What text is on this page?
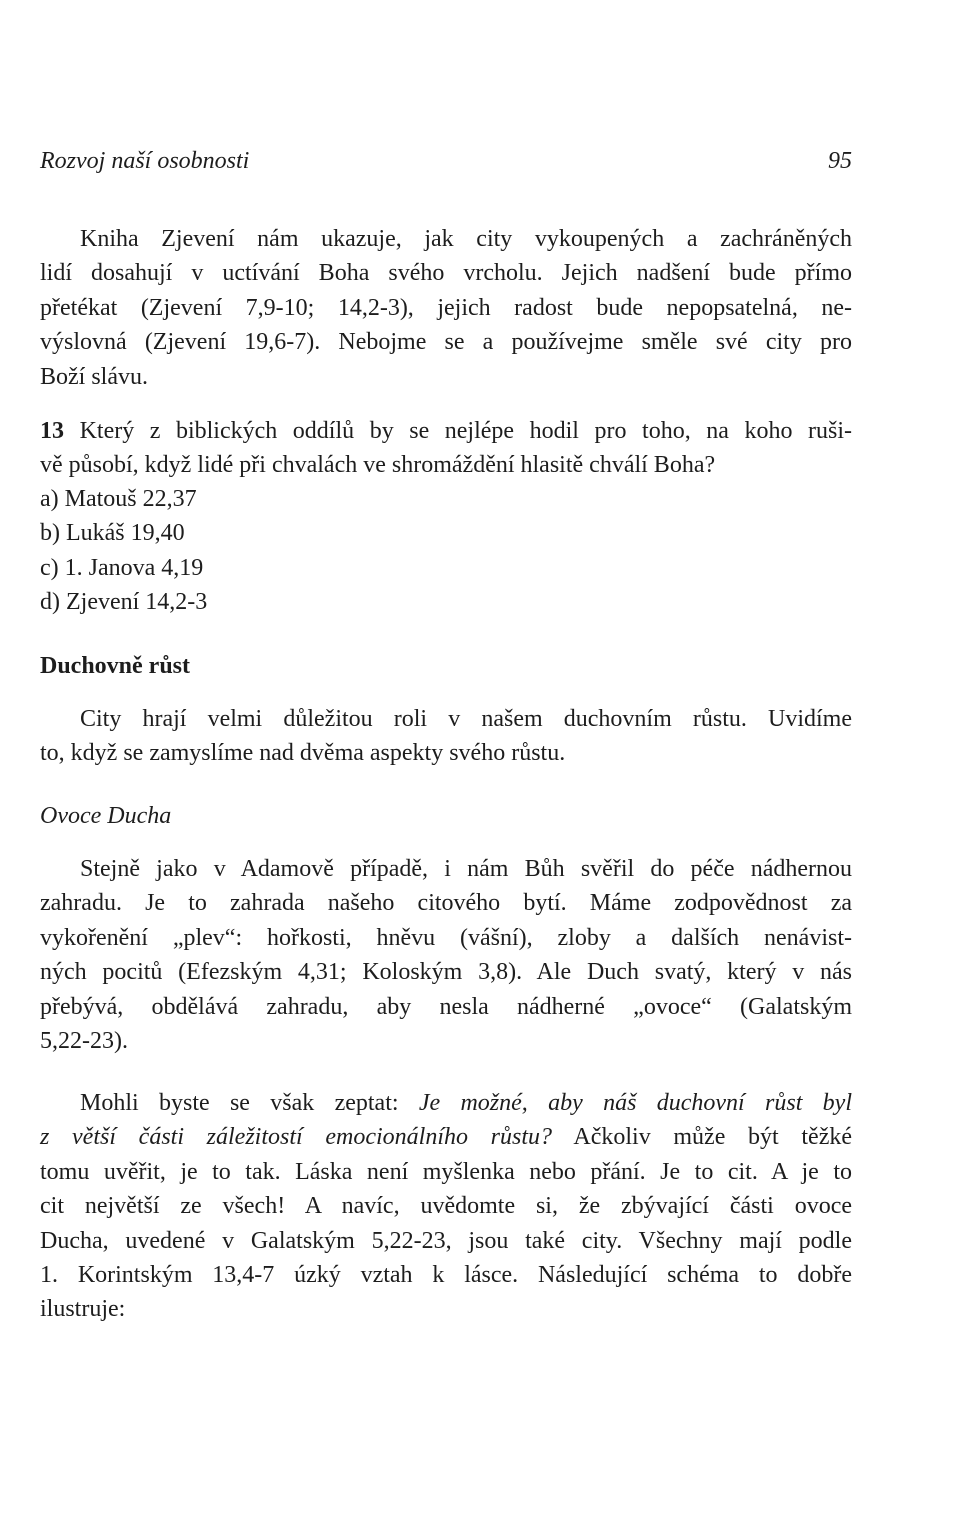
Rozvoj naší osobnosti	95
Kniha Zjevení nám ukazuje, jak city vykoupených a zachráněných
lidí dosahují v uctívání Boha svého vrcholu. Jejich nadšení bude přímo
přetékat (Zjevení 7,9-10; 14,2-3), jejich radost bude nepopsatelná, ne-
výslovná (Zjevení 19,6-7). Nebojme se a používejme směle své city pro
Boží slávu.
13 Který z biblických oddílů by se nejlépe hodil pro toho, na koho ruši-
vě působí, když lidé při chvalách ve shromáždění hlasitě chválí Boha?
a) Matouš 22,37
b) Lukáš 19,40
c) 1. Janova 4,19
d) Zjevení 14,2-3
Duchovně růst
City hrají velmi důležitou roli v našem duchovním růstu. Uvidíme
to, když se zamyslíme nad dvěma aspekty svého růstu.
Ovoce Ducha
Stejně jako v Adamově případě, i nám Bůh svěřil do péče nádhernou
zahradu. Je to zahrada našeho citového bytí. Máme zodpovědnost za
vykořenění „plev“: hořkosti, hněvu (vášní), zloby a dalších nenávist-
ných pocitů (Efezským 4,31; Koloským 3,8). Ale Duch svatý, který v nás
přebývá, obdělává zahradu, aby nesla nádherné „ovoce“ (Galatským
5,22-23).
Mohli byste se však zeptat: Je možné, aby náš duchovní růst byl
z větší části záležitostí emocionálního růstu? Ačkoliv může být těžké
tomu uvěřit, je to tak. Láska není myšlenka nebo přání. Je to cit. A je to
cit největší ze všech! A navíc, uvědomte si, že zbývající části ovoce
Ducha, uvedené v Galatským 5,22-23, jsou také city. Všechny mají podle
1. Korintským 13,4-7 úzký vztah k lásce. Následující schéma to dobře
ilustruje:
